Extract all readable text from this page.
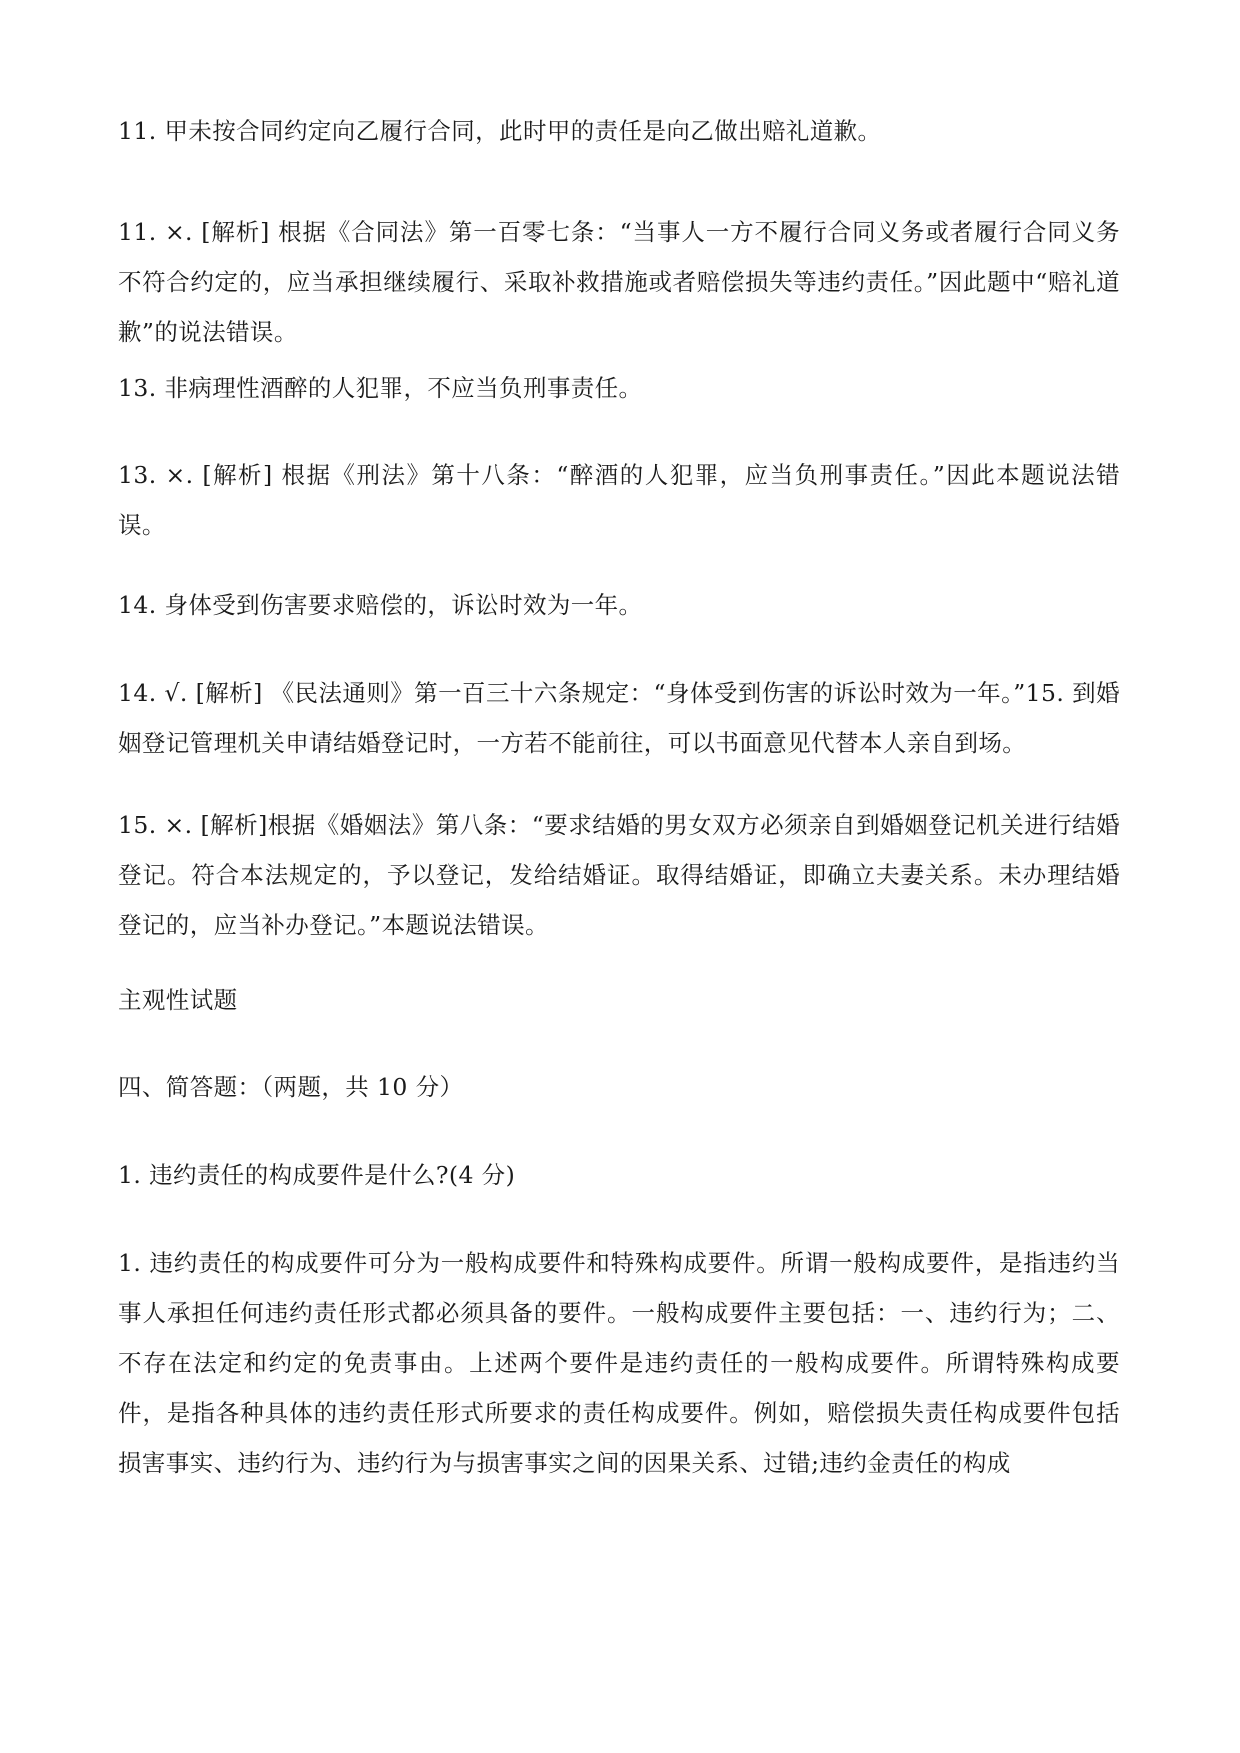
11. 甲未按合同约定向乙履行合同，此时甲的责任是向乙做出赔礼道歉。

11. ×. [解析] 根据《合同法》第一百零七条：“当事人一方不履行合同义务或者履行合同义务不符合约定的，应当承担继续履行、采取补救措施或者赔偿损失等违约责任。”因此题中“赔礼道歉”的说法错误。

13. 非病理性酒醉的人犯罪，不应当负刑事责任。

13. ×. [解析] 根据《刑法》第十八条：“醉酒的人犯罪，应当负刑事责任。”因此本题说法错误。

14. 身体受到伤害要求赔偿的，诉讼时效为一年。

14. √. [解析] 《民法通则》第一百三十六条规定：“身体受到伤害的诉讼时效为一年。”15. 到婚姻登记管理机关申请结婚登记时，一方若不能前往，可以书面意见代替本人亲自到场。

15. ×. [解析]根据《婚姻法》第八条：“要求结婚的男女双方必须亲自到婚姻登记机关进行结婚登记。符合本法规定的，予以登记，发给结婚证。取得结婚证，即确立夫妻关系。未办理结婚登记的，应当补办登记。”本题说法错误。

主观性试题

四、简答题：（两题，共 10 分）

1. 违约责任的构成要件是什么?(4 分)

1. 违约责任的构成要件可分为一般构成要件和特殊构成要件。所谓一般构成要件，是指违约当事人承担任何违约责任形式都必须具备的要件。一般构成要件主要包括：一、违约行为；二、不存在法定和约定的免责事由。上述两个要件是违约责任的一般构成要件。所谓特殊构成要件，是指各种具体的违约责任形式所要求的责任构成要件。例如，赔偿损失责任构成要件包括损害事实、违约行为、违约行为与损害事实之间的因果关系、过错;违约金责任的构成
